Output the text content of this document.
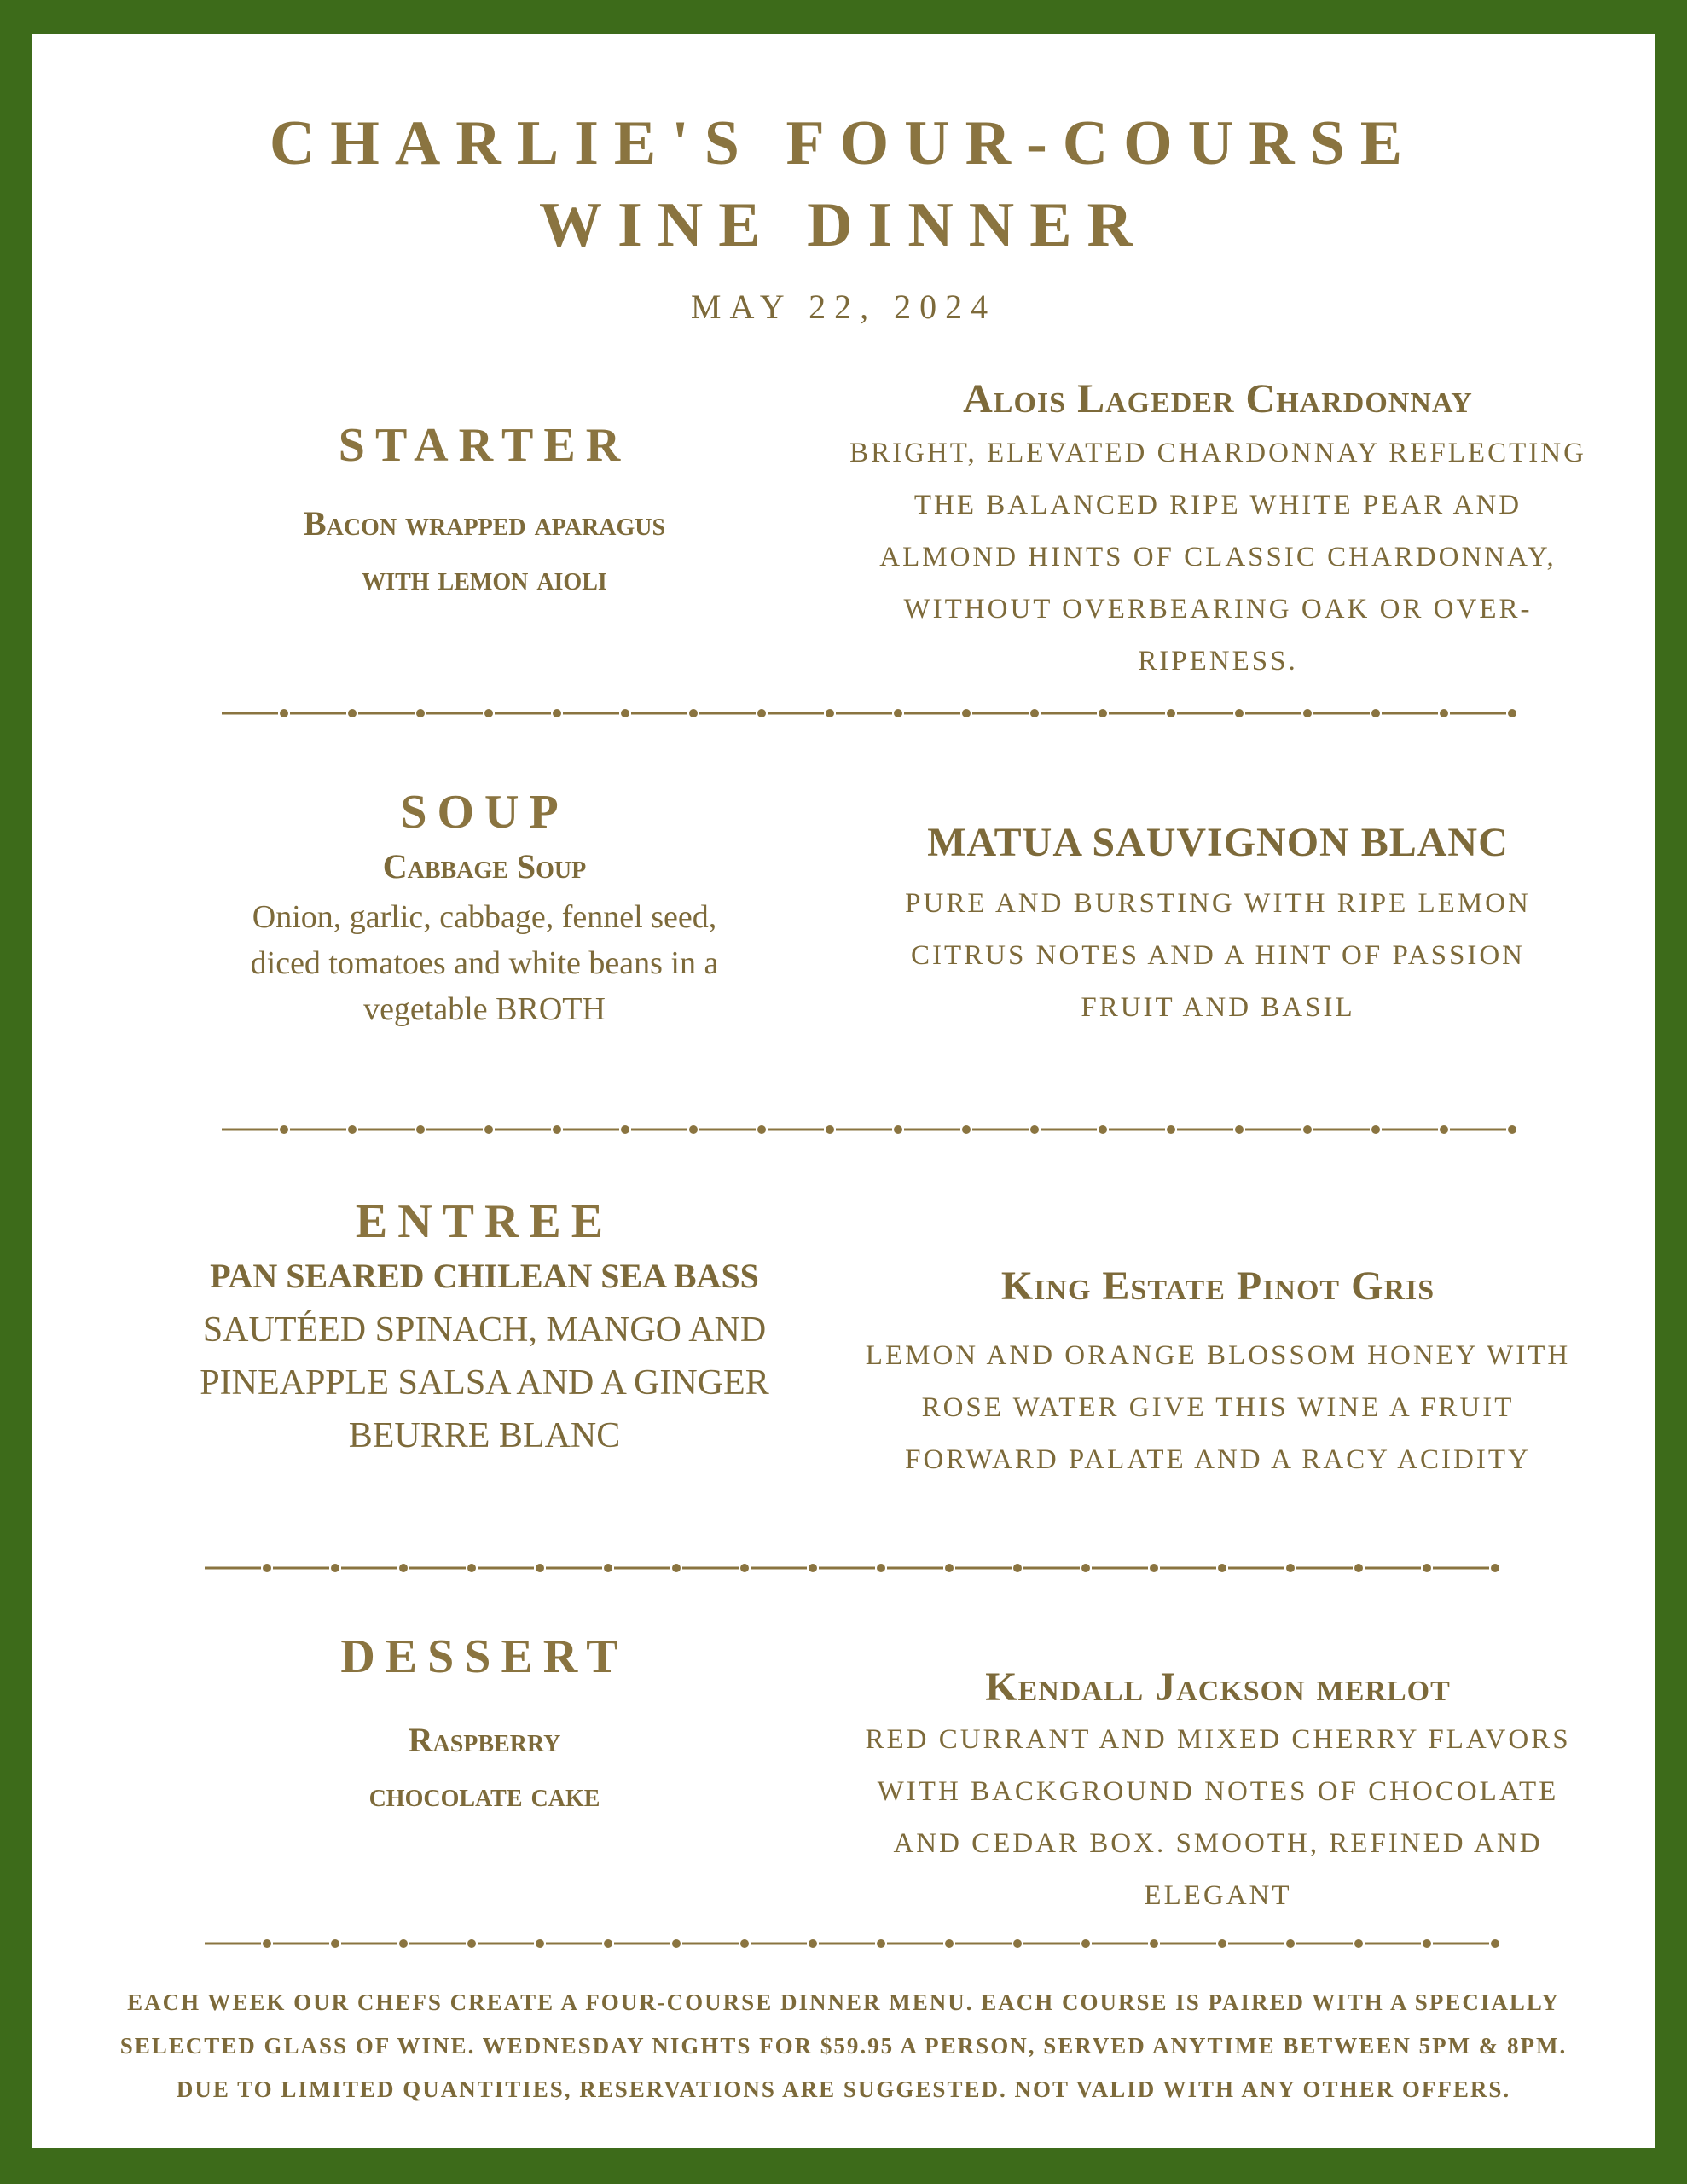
CHARLIE'S FOUR-COURSE
WINE DINNER
MAY 22, 2024
STARTER
Bacon wrapped aparagus
with lemon aioli
Alois Lageder Chardonnay
BRIGHT, ELEVATED CHARDONNAY REFLECTING
THE BALANCED RIPE WHITE PEAR AND
ALMOND HINTS OF CLASSIC CHARDONNAY,
WITHOUT OVERBEARING OAK OR OVER-
RIPENESS.
SOUP
Cabbage Soup
Onion, garlic, cabbage, fennel seed,
diced tomatoes and white beans in a
vegetable BROTH
MATUA SAUVIGNON BLANC
PURE AND BURSTING WITH RIPE LEMON
CITRUS NOTES AND A HINT OF PASSION
FRUIT AND BASIL
ENTREE
PAN SEARED CHILEAN SEA BASS
SAUTÉED SPINACH, MANGO AND
PINEAPPLE SALSA AND A GINGER
BEURRE BLANC
King Estate Pinot Gris
LEMON AND ORANGE BLOSSOM HONEY WITH
ROSE WATER GIVE THIS WINE A FRUIT
FORWARD PALATE AND A RACY ACIDITY
DESSERT
Raspberry
chocolate cake
Kendall Jackson merlot
RED CURRANT AND MIXED CHERRY FLAVORS
WITH BACKGROUND NOTES OF CHOCOLATE
AND CEDAR BOX. SMOOTH, REFINED AND
ELEGANT
EACH WEEK OUR CHEFS CREATE A FOUR-COURSE DINNER MENU. EACH COURSE IS PAIRED WITH A SPECIALLY
SELECTED GLASS OF WINE. WEDNESDAY NIGHTS FOR $59.95 A PERSON, SERVED ANYTIME BETWEEN 5PM & 8PM.
DUE TO LIMITED QUANTITIES, RESERVATIONS ARE SUGGESTED. NOT VALID WITH ANY OTHER OFFERS.
